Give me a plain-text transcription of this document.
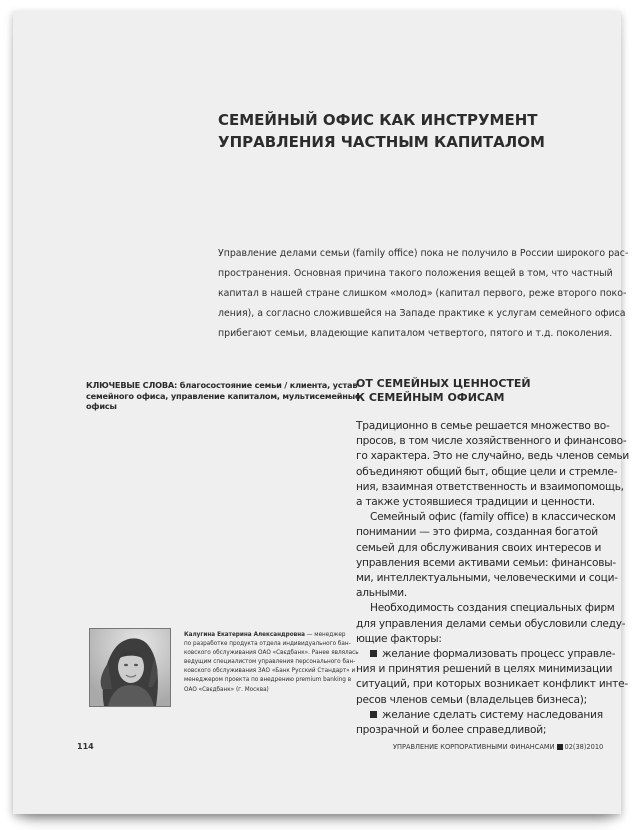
СЕМЕЙНЫЙ ОФИС КАК ИНСТРУМЕНТ
УПРАВЛЕНИЯ ЧАСТНЫМ КАПИТАЛОМ
Управление делами семьи (family office) пока не получило в России широкого рас-
пространения. Основная причина такого положения вещей в том, что частный
капитал в нашей стране слишком «молод» (капитал первого, реже второго поко-
ления), а согласно сложившейся на Западе практике к услугам семейного офиса
прибегают семьи, владеющие капиталом четвертого, пятого и т.д. поколения.
КЛЮЧЕВЫЕ СЛОВА: благосостояние семьи / клиента, устав
семейного офиса, управление капиталом, мультисемейные
офисы
ОТ СЕМЕЙНЫХ ЦЕННОСТЕЙ
К СЕМЕЙНЫМ ОФИСАМ
Традиционно в семье решается множество во-
просов, в том числе хозяйственного и финансово-
го характера. Это не случайно, ведь членов семьи
объединяют общий быт, общие цели и стремле-
ния, взаимная ответственность и взаимопомощь,
а также устоявшиеся традиции и ценности.
Семейный офис (family office) в классическом
понимании — это фирма, созданная богатой
семьей для обслуживания своих интересов и
управления всеми активами семьи: финансовы-
ми, интеллектуальными, человеческими и соци-
альными.
Необходимость создания специальных фирм
для управления делами семьи обусловили следу-
ющие факторы:
желание формализовать процесс управле-
ния и принятия решений в целях минимизации
ситуаций, при которых возникает конфликт инте-
ресов членов семьи (владельцев бизнеса);
желание сделать систему наследования
прозрачной и более справедливой;
Калугина Екатерина Александровна — менеджер
по разработке продукта отдела индивидуального бан-
ковского обслуживания ОАО «Свєдбанк». Ранее являлась
ведущим специалистом управления персонального бан-
ковского обслуживания ЗАО «Банк Русский Стандарт» и
менеджером проекта по внедрению premium banking в
ОАО «Свєдбанк» (г. Москва)
114	УПРАВЛЕНИЕ КОРПОРАТИВНЫМИ ФИНАНСАМИ 02(38)2010
